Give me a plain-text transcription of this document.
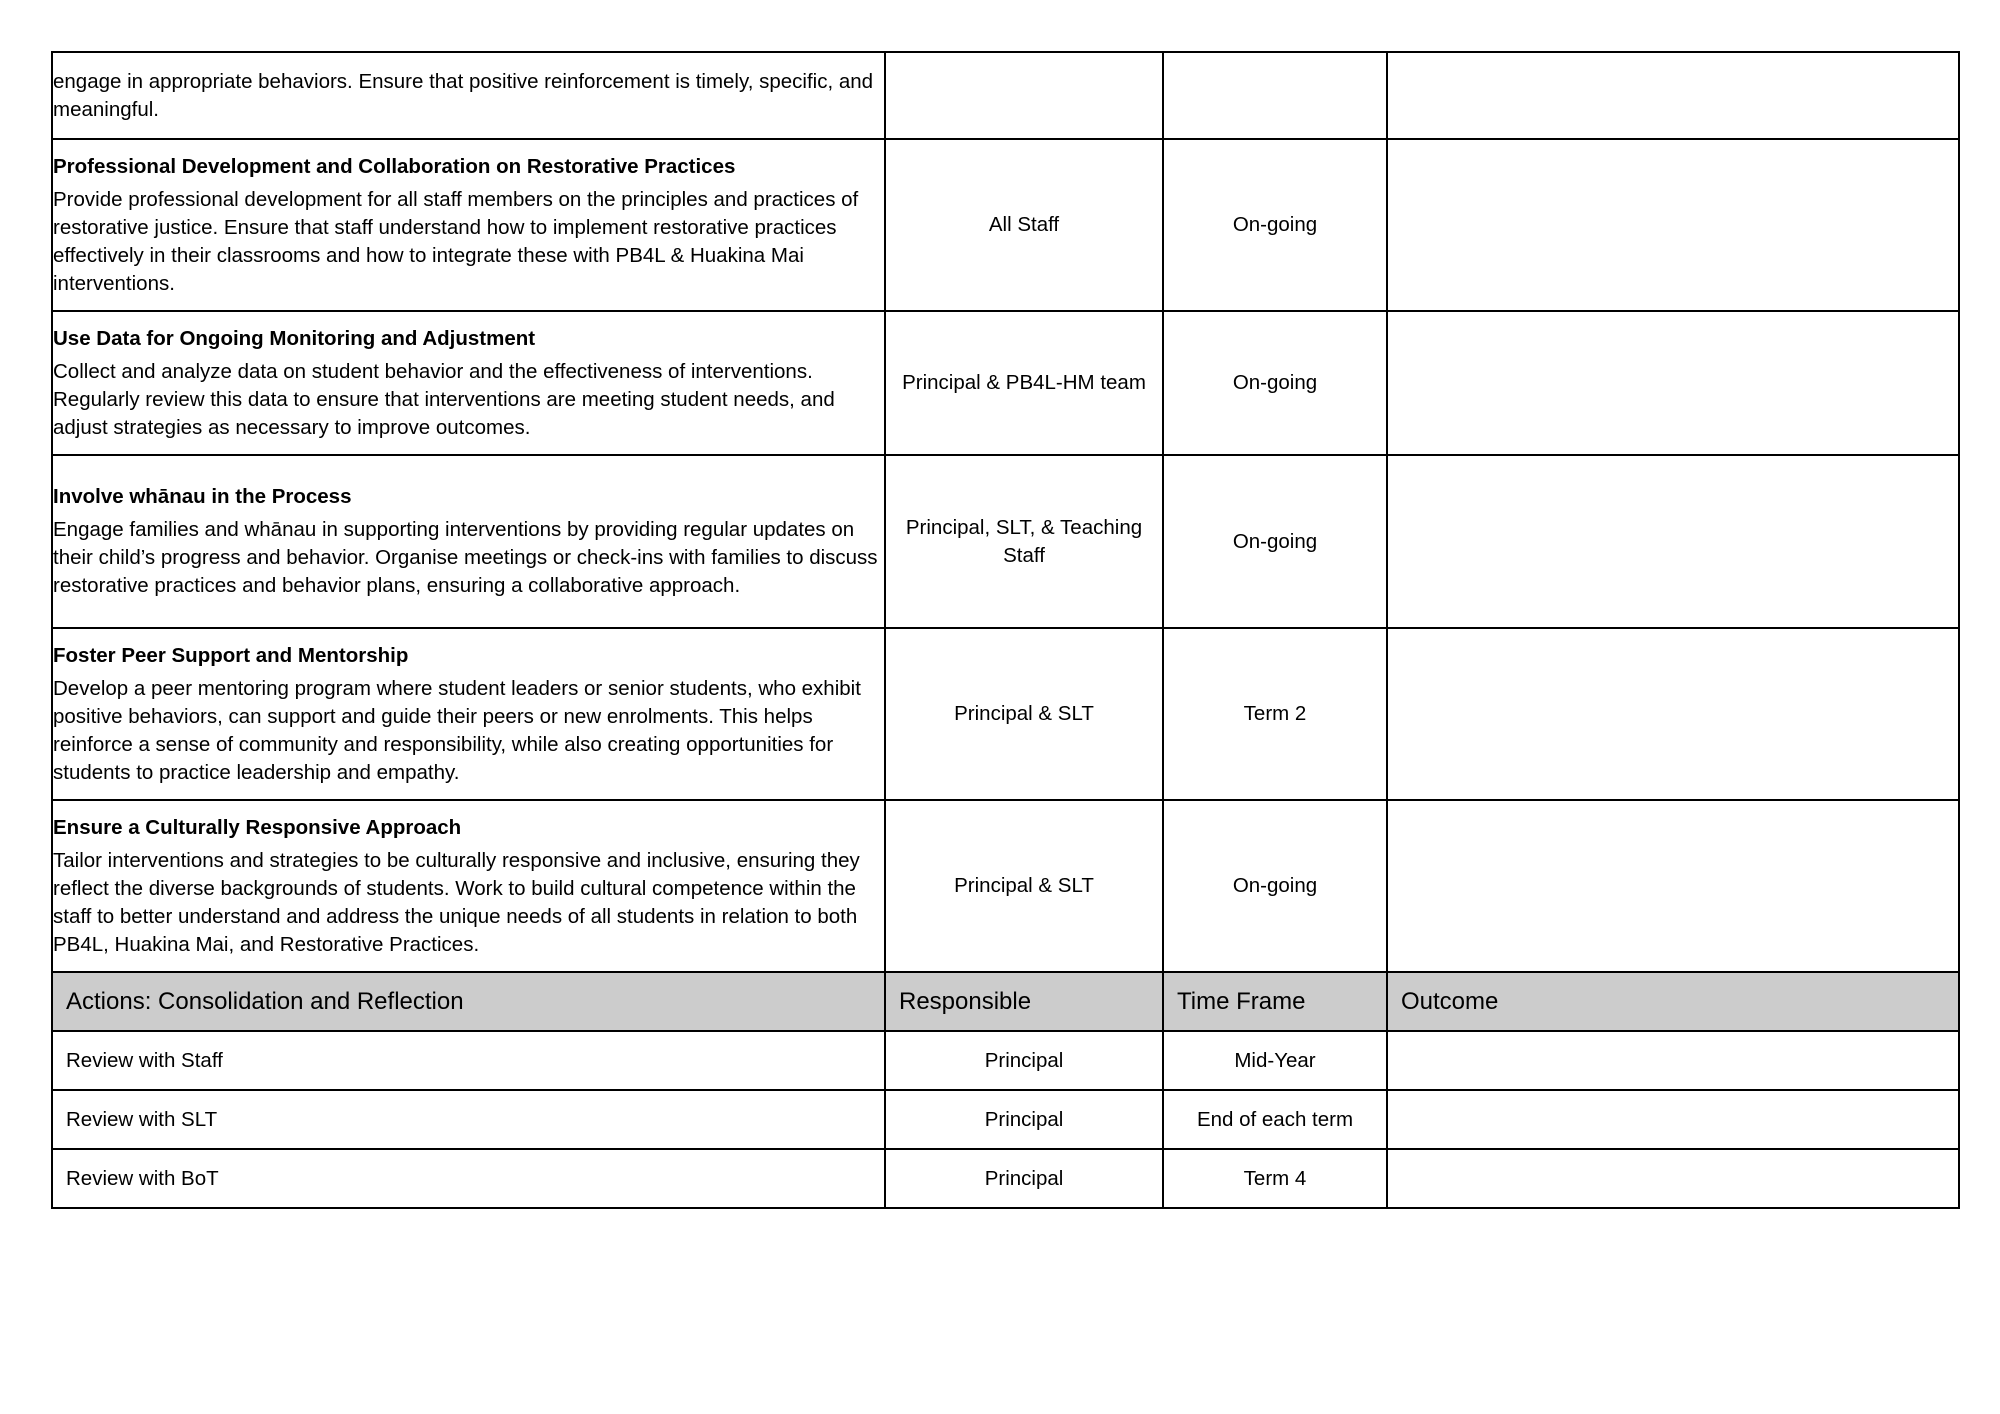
engage in appropriate behaviors. Ensure that positive reinforcement is timely, specific, and meaningful.			

Professional Development and Collaboration on Restorative Practices
Provide professional development for all staff members on the principles and practices of restorative justice. Ensure that staff understand how to implement restorative practices effectively in their classrooms and how to integrate these with PB4L & Huakina Mai interventions.	All Staff	On-going	

Use Data for Ongoing Monitoring and Adjustment
Collect and analyze data on student behavior and the effectiveness of interventions. Regularly review this data to ensure that interventions are meeting student needs, and adjust strategies as necessary to improve outcomes.	Principal & PB4L-HM team	On-going	

Involve whānau in the Process
Engage families and whānau in supporting interventions by providing regular updates on their child’s progress and behavior. Organise meetings or check-ins with families to discuss restorative practices and behavior plans, ensuring a collaborative approach.	Principal, SLT, & Teaching Staff	On-going	

Foster Peer Support and Mentorship
Develop a peer mentoring program where student leaders or senior students, who exhibit positive behaviors, can support and guide their peers or new enrolments. This helps reinforce a sense of community and responsibility, while also creating opportunities for students to practice leadership and empathy.	Principal & SLT	Term 2	

Ensure a Culturally Responsive Approach
Tailor interventions and strategies to be culturally responsive and inclusive, ensuring they reflect the diverse backgrounds of students. Work to build cultural competence within the staff to better understand and address the unique needs of all students in relation to both PB4L, Huakina Mai, and Restorative Practices.	Principal & SLT	On-going	
Actions: Consolidation and Reflection	Responsible	Time Frame	Outcome
Review with Staff	Principal	Mid-Year	
Review with SLT	Principal	End of each term	
Review with BoT	Principal	Term 4	
